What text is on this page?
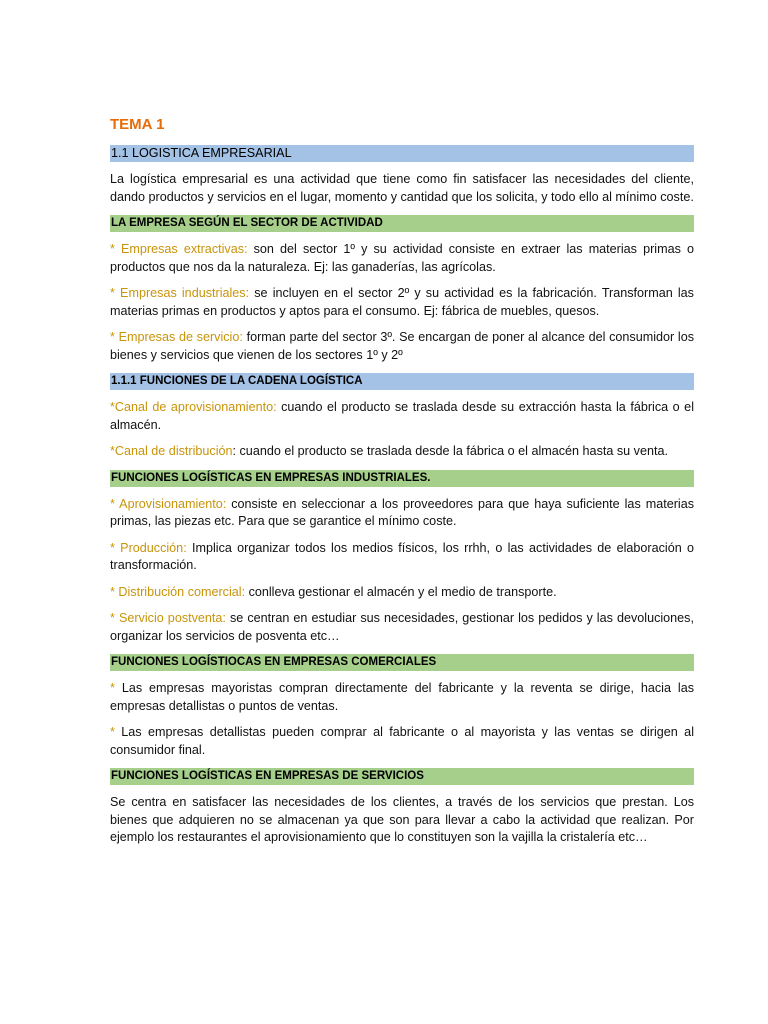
TEMA 1
1.1 LOGISTICA EMPRESARIAL

La logística empresarial es una actividad que tiene como fin satisfacer las necesidades del cliente, dando productos y servicios en el lugar, momento y cantidad que los solicita, y todo ello al mínimo coste.

LA EMPRESA SEGÚN EL SECTOR DE ACTIVIDAD

* Empresas extractivas: son del sector 1º y su actividad consiste en extraer las materias primas o productos que nos da la naturaleza. Ej: las ganaderías, las agrícolas.

* Empresas industriales: se incluyen en el sector 2º y su actividad es la fabricación. Transforman las materias primas en productos y aptos para el consumo. Ej: fábrica de muebles, quesos.

* Empresas de servicio: forman parte del sector 3º. Se encargan de poner al alcance del consumidor los bienes y servicios que vienen de los sectores 1º y 2º

1.1.1 FUNCIONES DE LA CADENA LOGÍSTICA

*Canal de aprovisionamiento: cuando el producto se traslada desde su extracción hasta la fábrica o el almacén.

*Canal de distribución: cuando el producto se traslada desde la fábrica o el almacén hasta su venta.

FUNCIONES LOGÍSTICAS EN EMPRESAS INDUSTRIALES.

* Aprovisionamiento: consiste en seleccionar a los proveedores para que haya suficiente las materias primas, las piezas etc. Para que se garantice el mínimo coste.

* Producción: Implica organizar todos los medios físicos, los rrhh, o las actividades de elaboración o transformación.

* Distribución comercial: conlleva gestionar el almacén y el medio de transporte.

* Servicio postventa: se centran en estudiar sus necesidades, gestionar los pedidos y las devoluciones, organizar los servicios de posventa etc…

FUNCIONES LOGÍSTIOCAS EN EMPRESAS COMERCIALES

* Las empresas mayoristas compran directamente del fabricante y la reventa se dirige, hacia las empresas detallistas o puntos de ventas.

* Las empresas detallistas pueden comprar al fabricante o al mayorista y las ventas se dirigen al consumidor final.

FUNCIONES LOGÍSTICAS EN EMPRESAS DE SERVICIOS

Se centra en satisfacer las necesidades de los clientes, a través de los servicios que prestan. Los bienes que adquieren no se almacenan ya que son para llevar a cabo la actividad que realizan. Por ejemplo los restaurantes el aprovisionamiento que lo constituyen son la vajilla la cristalería etc…
